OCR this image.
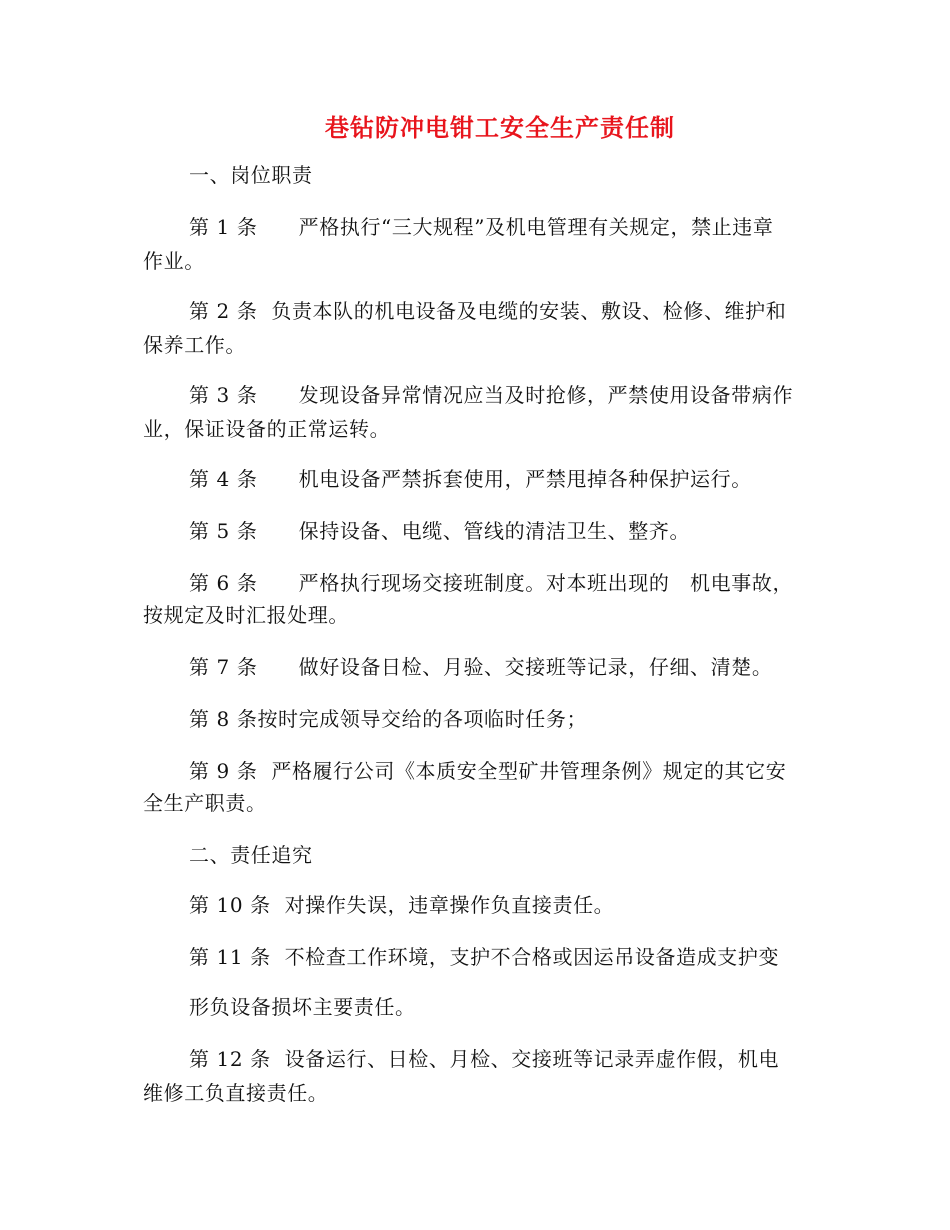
巷钻防冲电钳工安全生产责任制
一、岗位职责
第 1 条　　严格执行“三大规程”及机电管理有关规定，禁止违章
作业。
第 2 条  负责本队的机电设备及电缆的安装、敷设、检修、维护和
保养工作。
第 3 条　　发现设备异常情况应当及时抢修，严禁使用设备带病作
业，保证设备的正常运转。
第 4 条　　机电设备严禁拆套使用，严禁甩掉各种保护运行。
第 5 条　　保持设备、电缆、管线的清洁卫生、整齐。
第 6 条　　严格执行现场交接班制度。对本班出现的　机电事故，
按规定及时汇报处理。
第 7 条　　做好设备日检、月验、交接班等记录，仔细、清楚。
第 8 条按时完成领导交给的各项临时任务；
第 9 条  严格履行公司《本质安全型矿井管理条例》规定的其它安
全生产职责。
二、责任追究
第 10 条  对操作失误，违章操作负直接责任。
第 11 条  不检查工作环境，支护不合格或因运吊设备造成支护变
形负设备损坏主要责任。
第 12 条  设备运行、日检、月检、交接班等记录弄虚作假，机电
维修工负直接责任。
